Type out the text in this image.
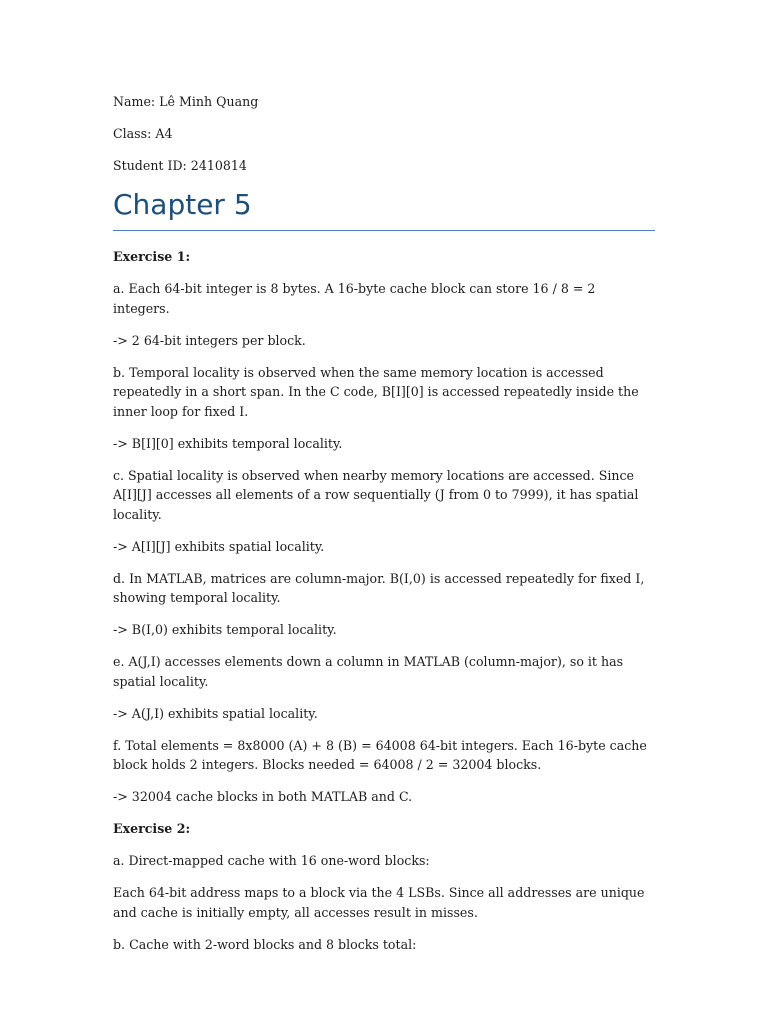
Name: Lê Minh Quang

Class: A4

Student ID: 2410814

Chapter 5

Exercise 1:

a. Each 64-bit integer is 8 bytes. A 16-byte cache block can store 16 / 8 = 2 integers.

-> 2 64-bit integers per block.

b. Temporal locality is observed when the same memory location is accessed repeatedly in a short span. In the C code, B[I][0] is accessed repeatedly inside the inner loop for fixed I.

-> B[I][0] exhibits temporal locality.

c. Spatial locality is observed when nearby memory locations are accessed. Since A[I][J] accesses all elements of a row sequentially (J from 0 to 7999), it has spatial locality.

-> A[I][J] exhibits spatial locality.

d. In MATLAB, matrices are column-major. B(I,0) is accessed repeatedly for fixed I, showing temporal locality.

-> B(I,0) exhibits temporal locality.

e. A(J,I) accesses elements down a column in MATLAB (column-major), so it has spatial locality.

-> A(J,I) exhibits spatial locality.

f. Total elements = 8x8000 (A) + 8 (B) = 64008 64-bit integers. Each 16-byte cache block holds 2 integers. Blocks needed = 64008 / 2 = 32004 blocks.

-> 32004 cache blocks in both MATLAB and C.

Exercise 2:

a. Direct-mapped cache with 16 one-word blocks:

Each 64-bit address maps to a block via the 4 LSBs. Since all addresses are unique and cache is initially empty, all accesses result in misses.

b. Cache with 2-word blocks and 8 blocks total:
